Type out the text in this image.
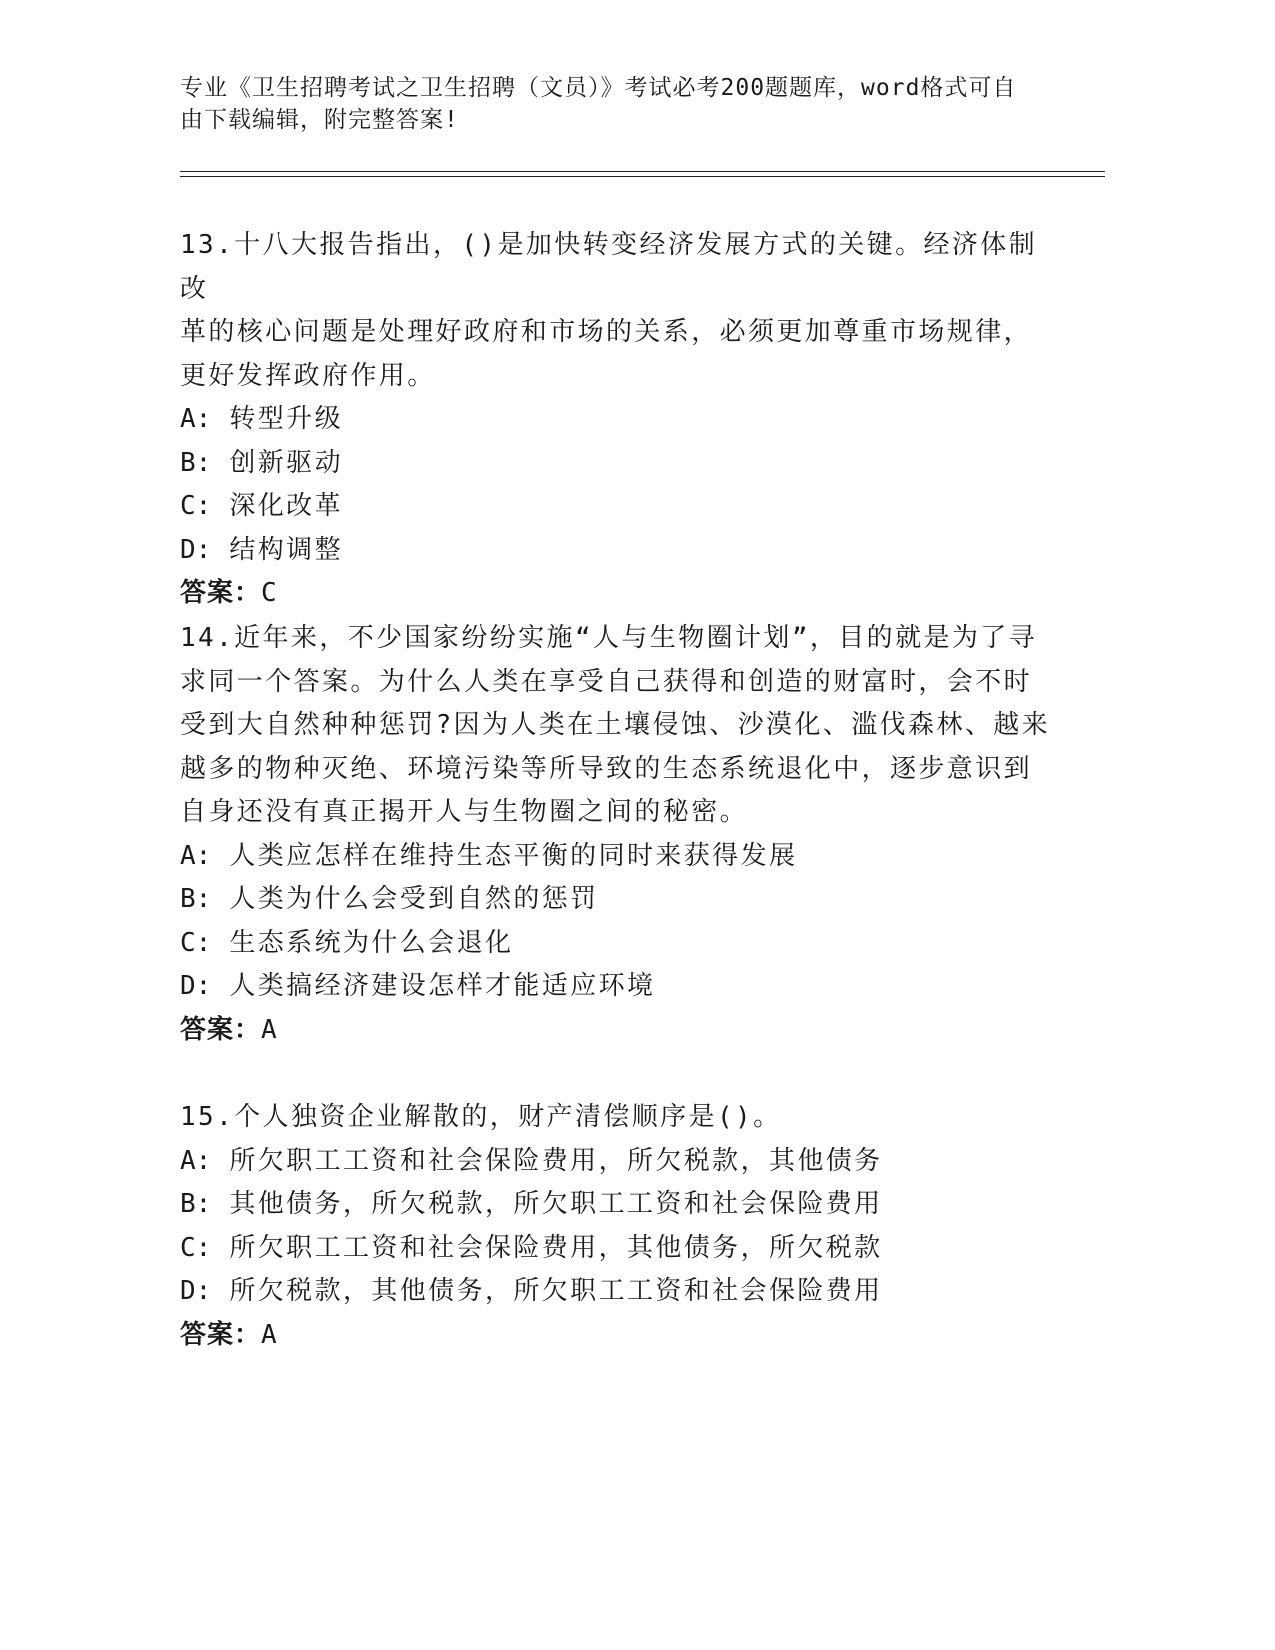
专业《卫生招聘考试之卫生招聘（文员）》考试必考200题题库，word格式可自
由下载编辑，附完整答案!

13.十八大报告指出，()是加快转变经济发展方式的关键。经济体制改

革的核心问题是处理好政府和市场的关系，必须更加尊重市场规律，

更好发挥政府作用。

A: 转型升级

B: 创新驱动

C: 深化改革

D: 结构调整

答案：C

14.近年来，不少国家纷纷实施“人与生物圈计划”，目的就是为了寻

求同一个答案。为什么人类在享受自己获得和创造的财富时，会不时

受到大自然种种惩罚?因为人类在土壤侵蚀、沙漠化、滥伐森林、越来

越多的物种灭绝、环境污染等所导致的生态系统退化中，逐步意识到

自身还没有真正揭开人与生物圈之间的秘密。

A: 人类应怎样在维持生态平衡的同时来获得发展

B: 人类为什么会受到自然的惩罚

C: 生态系统为什么会退化

D: 人类搞经济建设怎样才能适应环境

答案：A

15.个人独资企业解散的，财产清偿顺序是()。

A: 所欠职工工资和社会保险费用，所欠税款，其他债务

B: 其他债务，所欠税款，所欠职工工资和社会保险费用

C: 所欠职工工资和社会保险费用，其他债务，所欠税款

D: 所欠税款，其他债务，所欠职工工资和社会保险费用

答案：A
